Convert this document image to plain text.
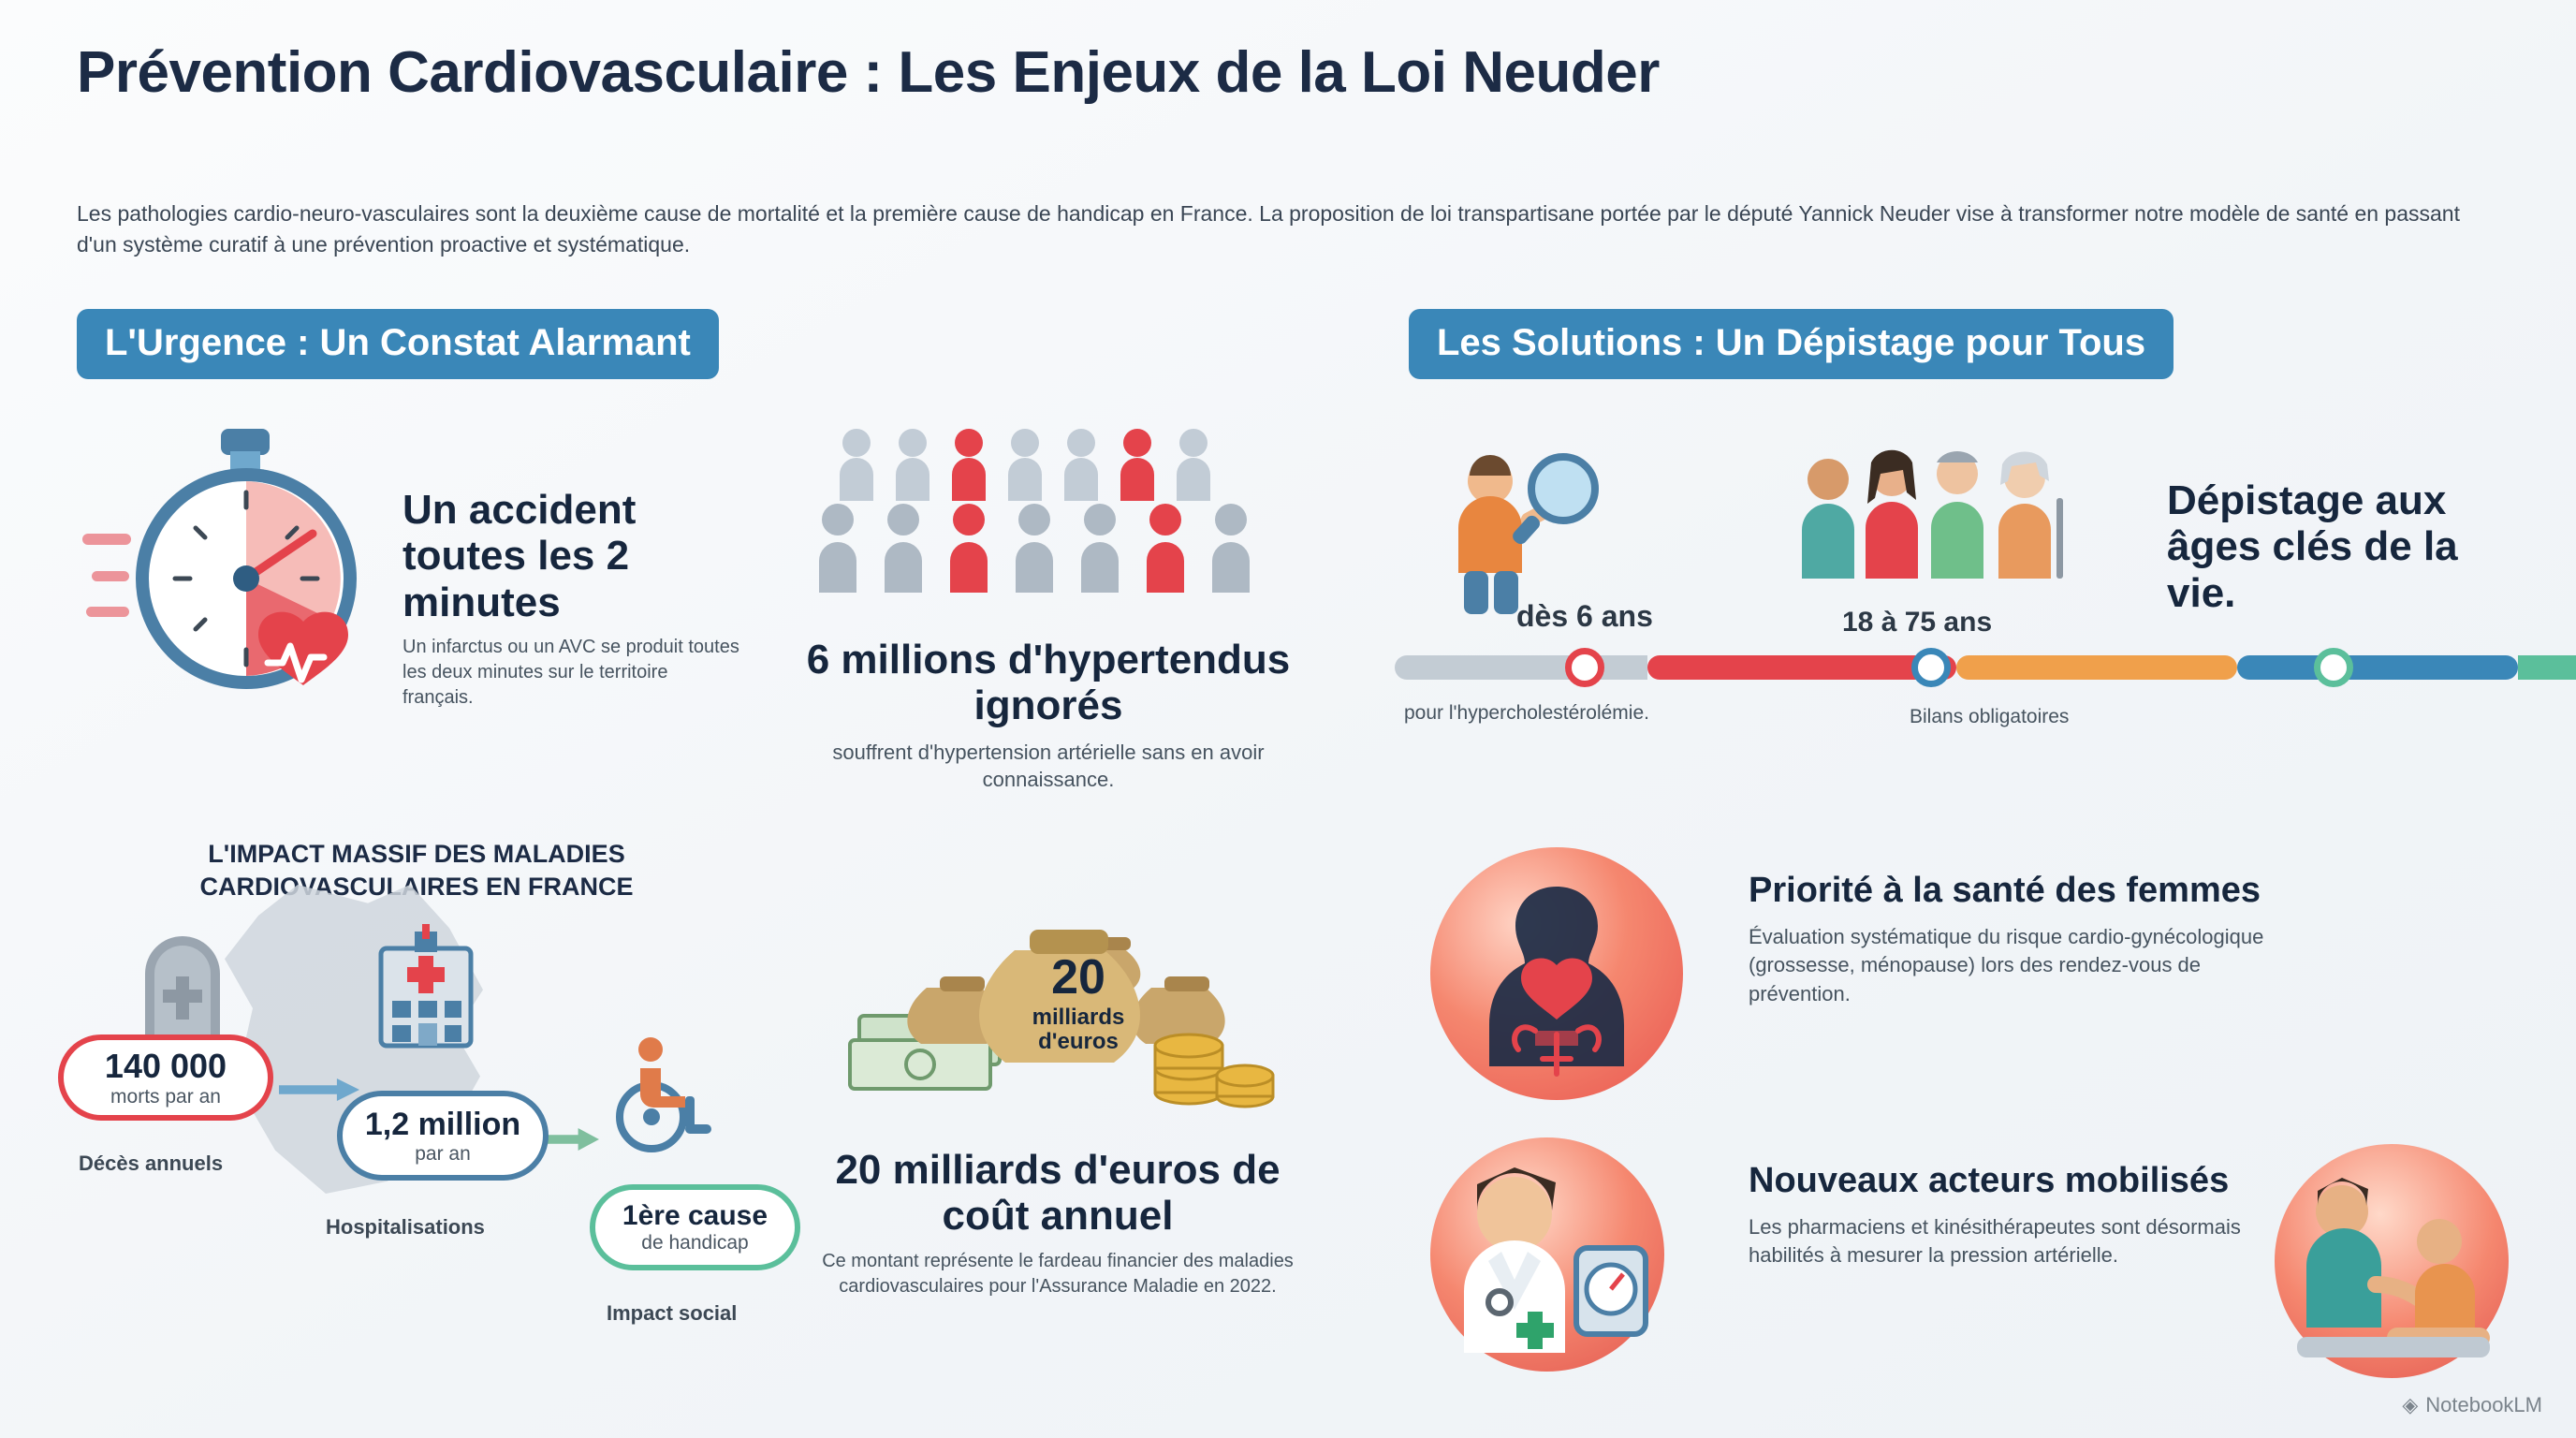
Prévention Cardiovasculaire : Les Enjeux de la Loi Neuder

Les pathologies cardio-neuro-vasculaires sont la deuxième cause de mortalité et la première cause de handicap en France. La proposition de loi transpartisane portée par le député Yannick Neuder vise à transformer notre modèle de santé en passant d'un système curatif à une prévention proactive et systématique.

L'Urgence : Un Constat Alarmant	Les Solutions : Un Dépistage pour Tous
Un accident toutes les 2 minutes
Un infarctus ou un AVC se produit toutes les deux minutes sur le territoire français.
6 millions d'hypertendus ignorés
souffrent d'hypertension artérielle sans en avoir connaissance.
L'IMPACT MASSIF DES MALADIES CARDIOVASCULAIRES EN FRANCE
140 000
morts par an
1,2 million
par an
1ère cause
de handicap
Décès annuels
Hospitalisations
Impact social
20
milliards d'euros
20 milliards d'euros de coût annuel
Ce montant représente le fardeau financier des maladies cardiovasculaires pour l'Assurance Maladie en 2022.
dès 6 ans
pour l'hypercholestérolémie.
18 à 75 ans
Bilans obligatoires
Dépistage aux âges clés de la vie.
Priorité à la santé des femmes
Évaluation systématique du risque cardio-gynécologique (grossesse, ménopause) lors des rendez-vous de prévention.
Nouveaux acteurs mobilisés
Les pharmaciens et kinésithérapeutes sont désormais habilités à mesurer la pression artérielle.
◈ NotebookLM
